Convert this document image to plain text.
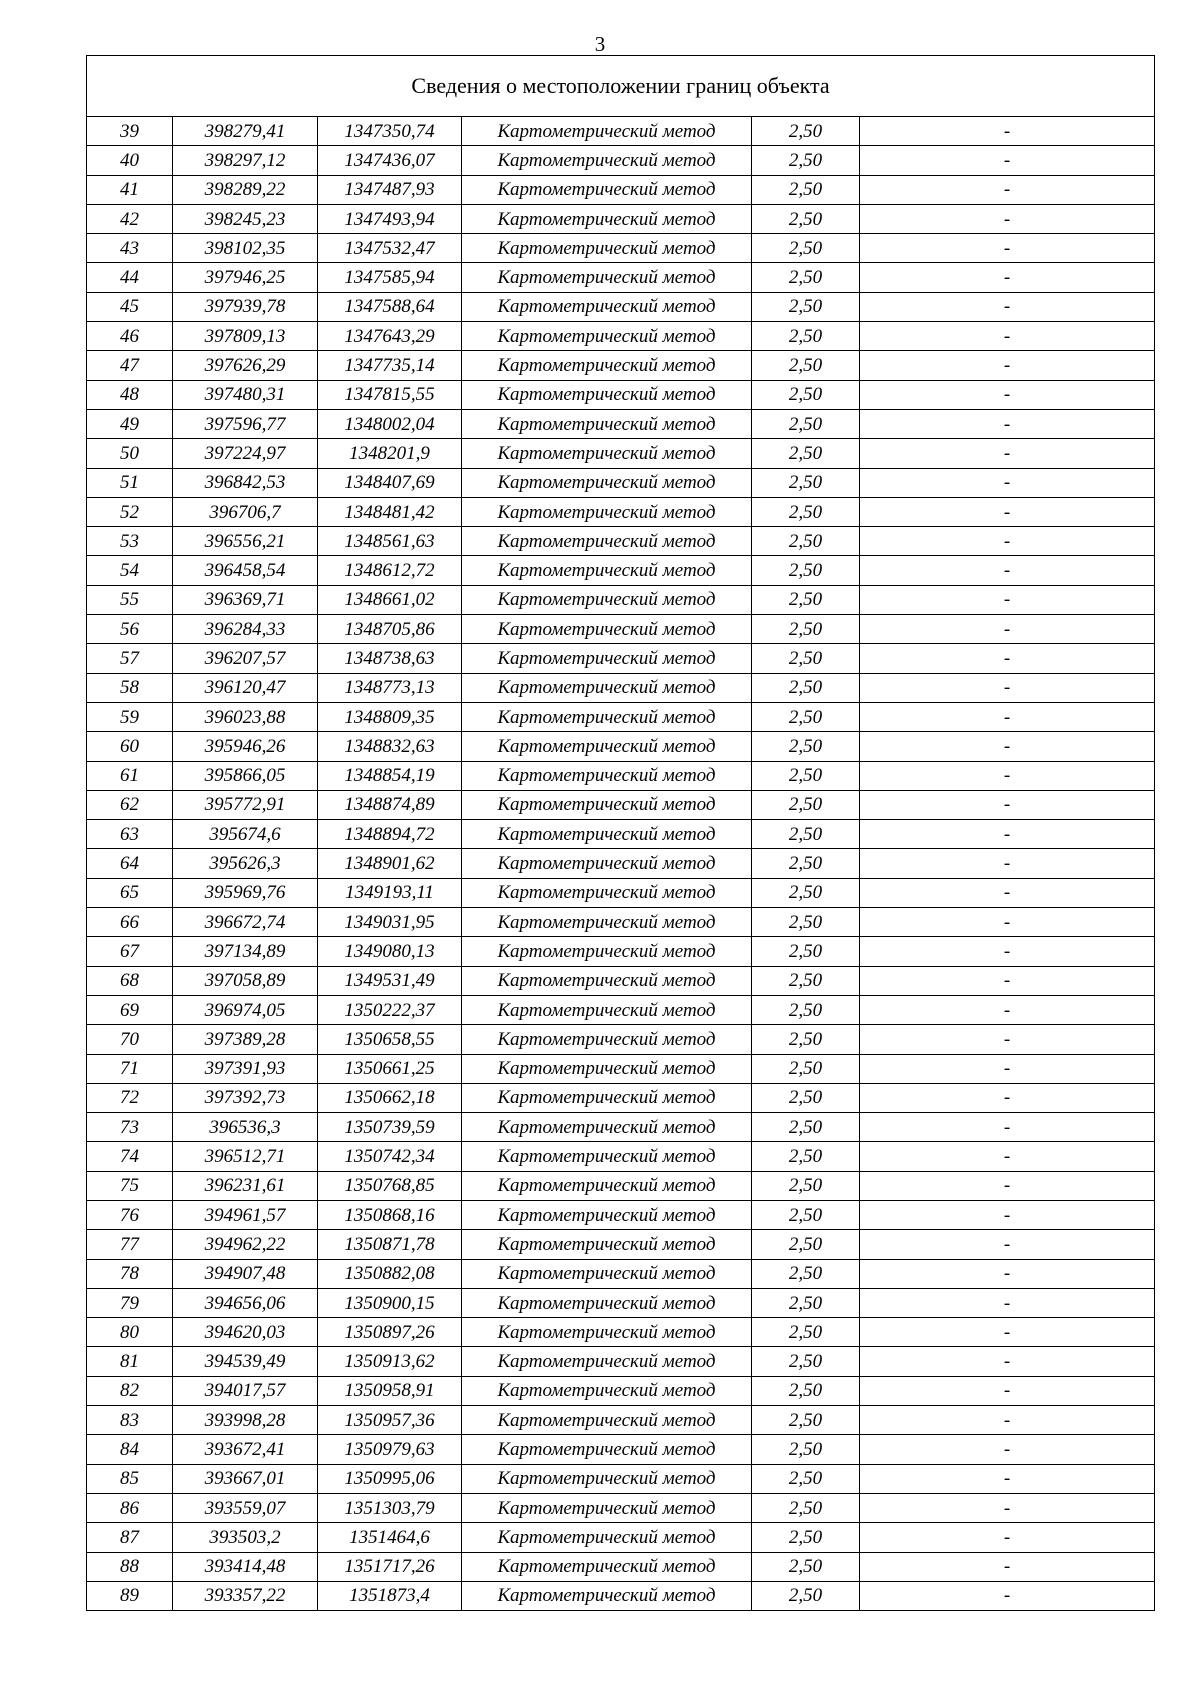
3
Сведения о местоположении границ объекта					
39	398279,41	1347350,74	Картометрический метод	2,50	-
40	398297,12	1347436,07	Картометрический метод	2,50	-
41	398289,22	1347487,93	Картометрический метод	2,50	-
42	398245,23	1347493,94	Картометрический метод	2,50	-
43	398102,35	1347532,47	Картометрический метод	2,50	-
44	397946,25	1347585,94	Картометрический метод	2,50	-
45	397939,78	1347588,64	Картометрический метод	2,50	-
46	397809,13	1347643,29	Картометрический метод	2,50	-
47	397626,29	1347735,14	Картометрический метод	2,50	-
48	397480,31	1347815,55	Картометрический метод	2,50	-
49	397596,77	1348002,04	Картометрический метод	2,50	-
50	397224,97	1348201,9	Картометрический метод	2,50	-
51	396842,53	1348407,69	Картометрический метод	2,50	-
52	396706,7	1348481,42	Картометрический метод	2,50	-
53	396556,21	1348561,63	Картометрический метод	2,50	-
54	396458,54	1348612,72	Картометрический метод	2,50	-
55	396369,71	1348661,02	Картометрический метод	2,50	-
56	396284,33	1348705,86	Картометрический метод	2,50	-
57	396207,57	1348738,63	Картометрический метод	2,50	-
58	396120,47	1348773,13	Картометрический метод	2,50	-
59	396023,88	1348809,35	Картометрический метод	2,50	-
60	395946,26	1348832,63	Картометрический метод	2,50	-
61	395866,05	1348854,19	Картометрический метод	2,50	-
62	395772,91	1348874,89	Картометрический метод	2,50	-
63	395674,6	1348894,72	Картометрический метод	2,50	-
64	395626,3	1348901,62	Картометрический метод	2,50	-
65	395969,76	1349193,11	Картометрический метод	2,50	-
66	396672,74	1349031,95	Картометрический метод	2,50	-
67	397134,89	1349080,13	Картометрический метод	2,50	-
68	397058,89	1349531,49	Картометрический метод	2,50	-
69	396974,05	1350222,37	Картометрический метод	2,50	-
70	397389,28	1350658,55	Картометрический метод	2,50	-
71	397391,93	1350661,25	Картометрический метод	2,50	-
72	397392,73	1350662,18	Картометрический метод	2,50	-
73	396536,3	1350739,59	Картометрический метод	2,50	-
74	396512,71	1350742,34	Картометрический метод	2,50	-
75	396231,61	1350768,85	Картометрический метод	2,50	-
76	394961,57	1350868,16	Картометрический метод	2,50	-
77	394962,22	1350871,78	Картометрический метод	2,50	-
78	394907,48	1350882,08	Картометрический метод	2,50	-
79	394656,06	1350900,15	Картометрический метод	2,50	-
80	394620,03	1350897,26	Картометрический метод	2,50	-
81	394539,49	1350913,62	Картометрический метод	2,50	-
82	394017,57	1350958,91	Картометрический метод	2,50	-
83	393998,28	1350957,36	Картометрический метод	2,50	-
84	393672,41	1350979,63	Картометрический метод	2,50	-
85	393667,01	1350995,06	Картометрический метод	2,50	-
86	393559,07	1351303,79	Картометрический метод	2,50	-
87	393503,2	1351464,6	Картометрический метод	2,50	-
88	393414,48	1351717,26	Картометрический метод	2,50	-
89	393357,22	1351873,4	Картометрический метод	2,50	-
